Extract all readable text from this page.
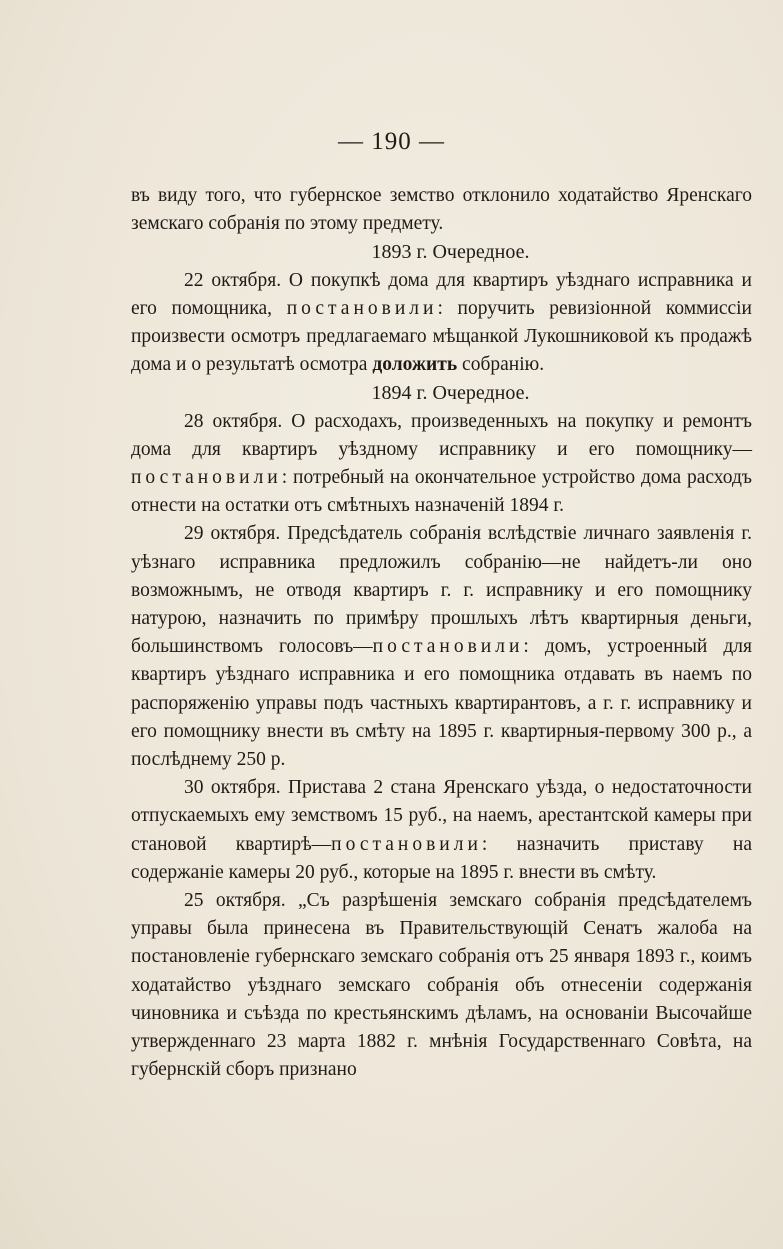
— 190 —

въ виду того, что губернское земство отклонило ходатайство Яренскаго земскаго собранія по этому предмету.

1893 г. Очередное.

22 октября. О покупкѣ дома для квартиръ уѣзднаго исправника и его помощника, постановили: поручить ревизіонной коммиссіи произвести осмотръ предлагаемаго мѣщанкой Лукошниковой къ продажѣ дома и о результатѣ осмотра доложить собранію.

1894 г. Очередное.

28 октября. О расходахъ, произведенныхъ на покупку и ремонтъ дома для квартиръ уѣздному исправнику и его помощнику—постановили: потребный на окончательное устройство дома расходъ отнести на остатки отъ смѣтныхъ назначеній 1894 г.

29 октября. Предсѣдатель собранія вслѣдствіе личнаго заявленія г. уѣзнаго исправника предложилъ собранію—не найдетъ-ли оно возможнымъ, не отводя квартиръ г. г. исправнику и его помощнику натурою, назначить по примѣру прошлыхъ лѣтъ квартирныя деньги, большинствомъ голосовъ—постановили: домъ, устроенный для квартиръ уѣзднаго исправника и его помощника отдавать въ наемъ по распоряженію управы подъ частныхъ квартирантовъ, а г. г. исправнику и его помощнику внести въ смѣту на 1895 г. квартирныя-первому 300 р., а послѣднему 250 р.

30 октября. Пристава 2 стана Яренскаго уѣзда, о недостаточности отпускаемыхъ ему земствомъ 15 руб., на наемъ, арестантской камеры при становой квартирѣ—постановили: назначить приставу на содержаніе камеры 20 руб., которые на 1895 г. внести въ смѣту.

25 октября. „Съ разрѣшенія земскаго собранія предсѣдателемъ управы была принесена въ Правительствующій Сенатъ жалоба на постановленіе губернскаго земскаго собранія отъ 25 января 1893 г., коимъ ходатайство уѣзднаго земскаго собранія объ отнесеніи содержанія чиновника и съѣзда по крестьянскимъ дѣламъ, на основаніи Высочайше утвержденнаго 23 марта 1882 г. мнѣнія Государственнаго Совѣта, на губернскій сборъ признано
